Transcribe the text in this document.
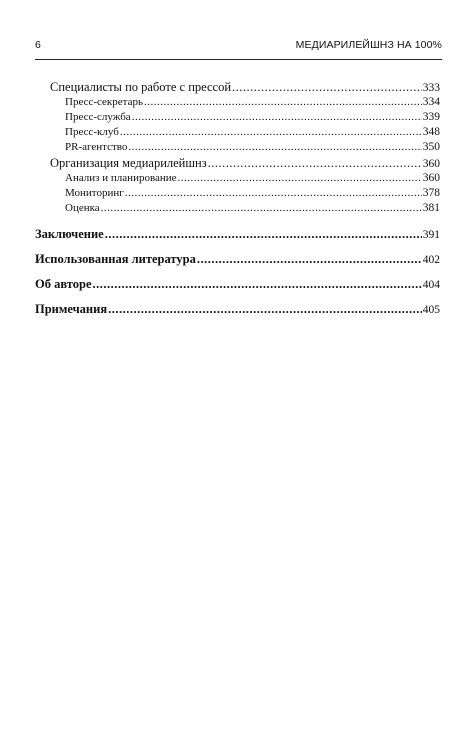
6	МЕДИАРИЛЕЙШНЗ НА 100%
Специалисты по работе с прессой .....	333
Пресс-секретарь .....	334
Пресс-служба .....	339
Пресс-клуб .....	348
PR-агентство .....	350
Организация медиарилейшнз .....	360
Анализ и планирование .....	360
Мониторинг .....	378
Оценка .....	381
Заключение .....	391
Использованная литература .....	402
Об авторе .....	404
Примечания .....	405
